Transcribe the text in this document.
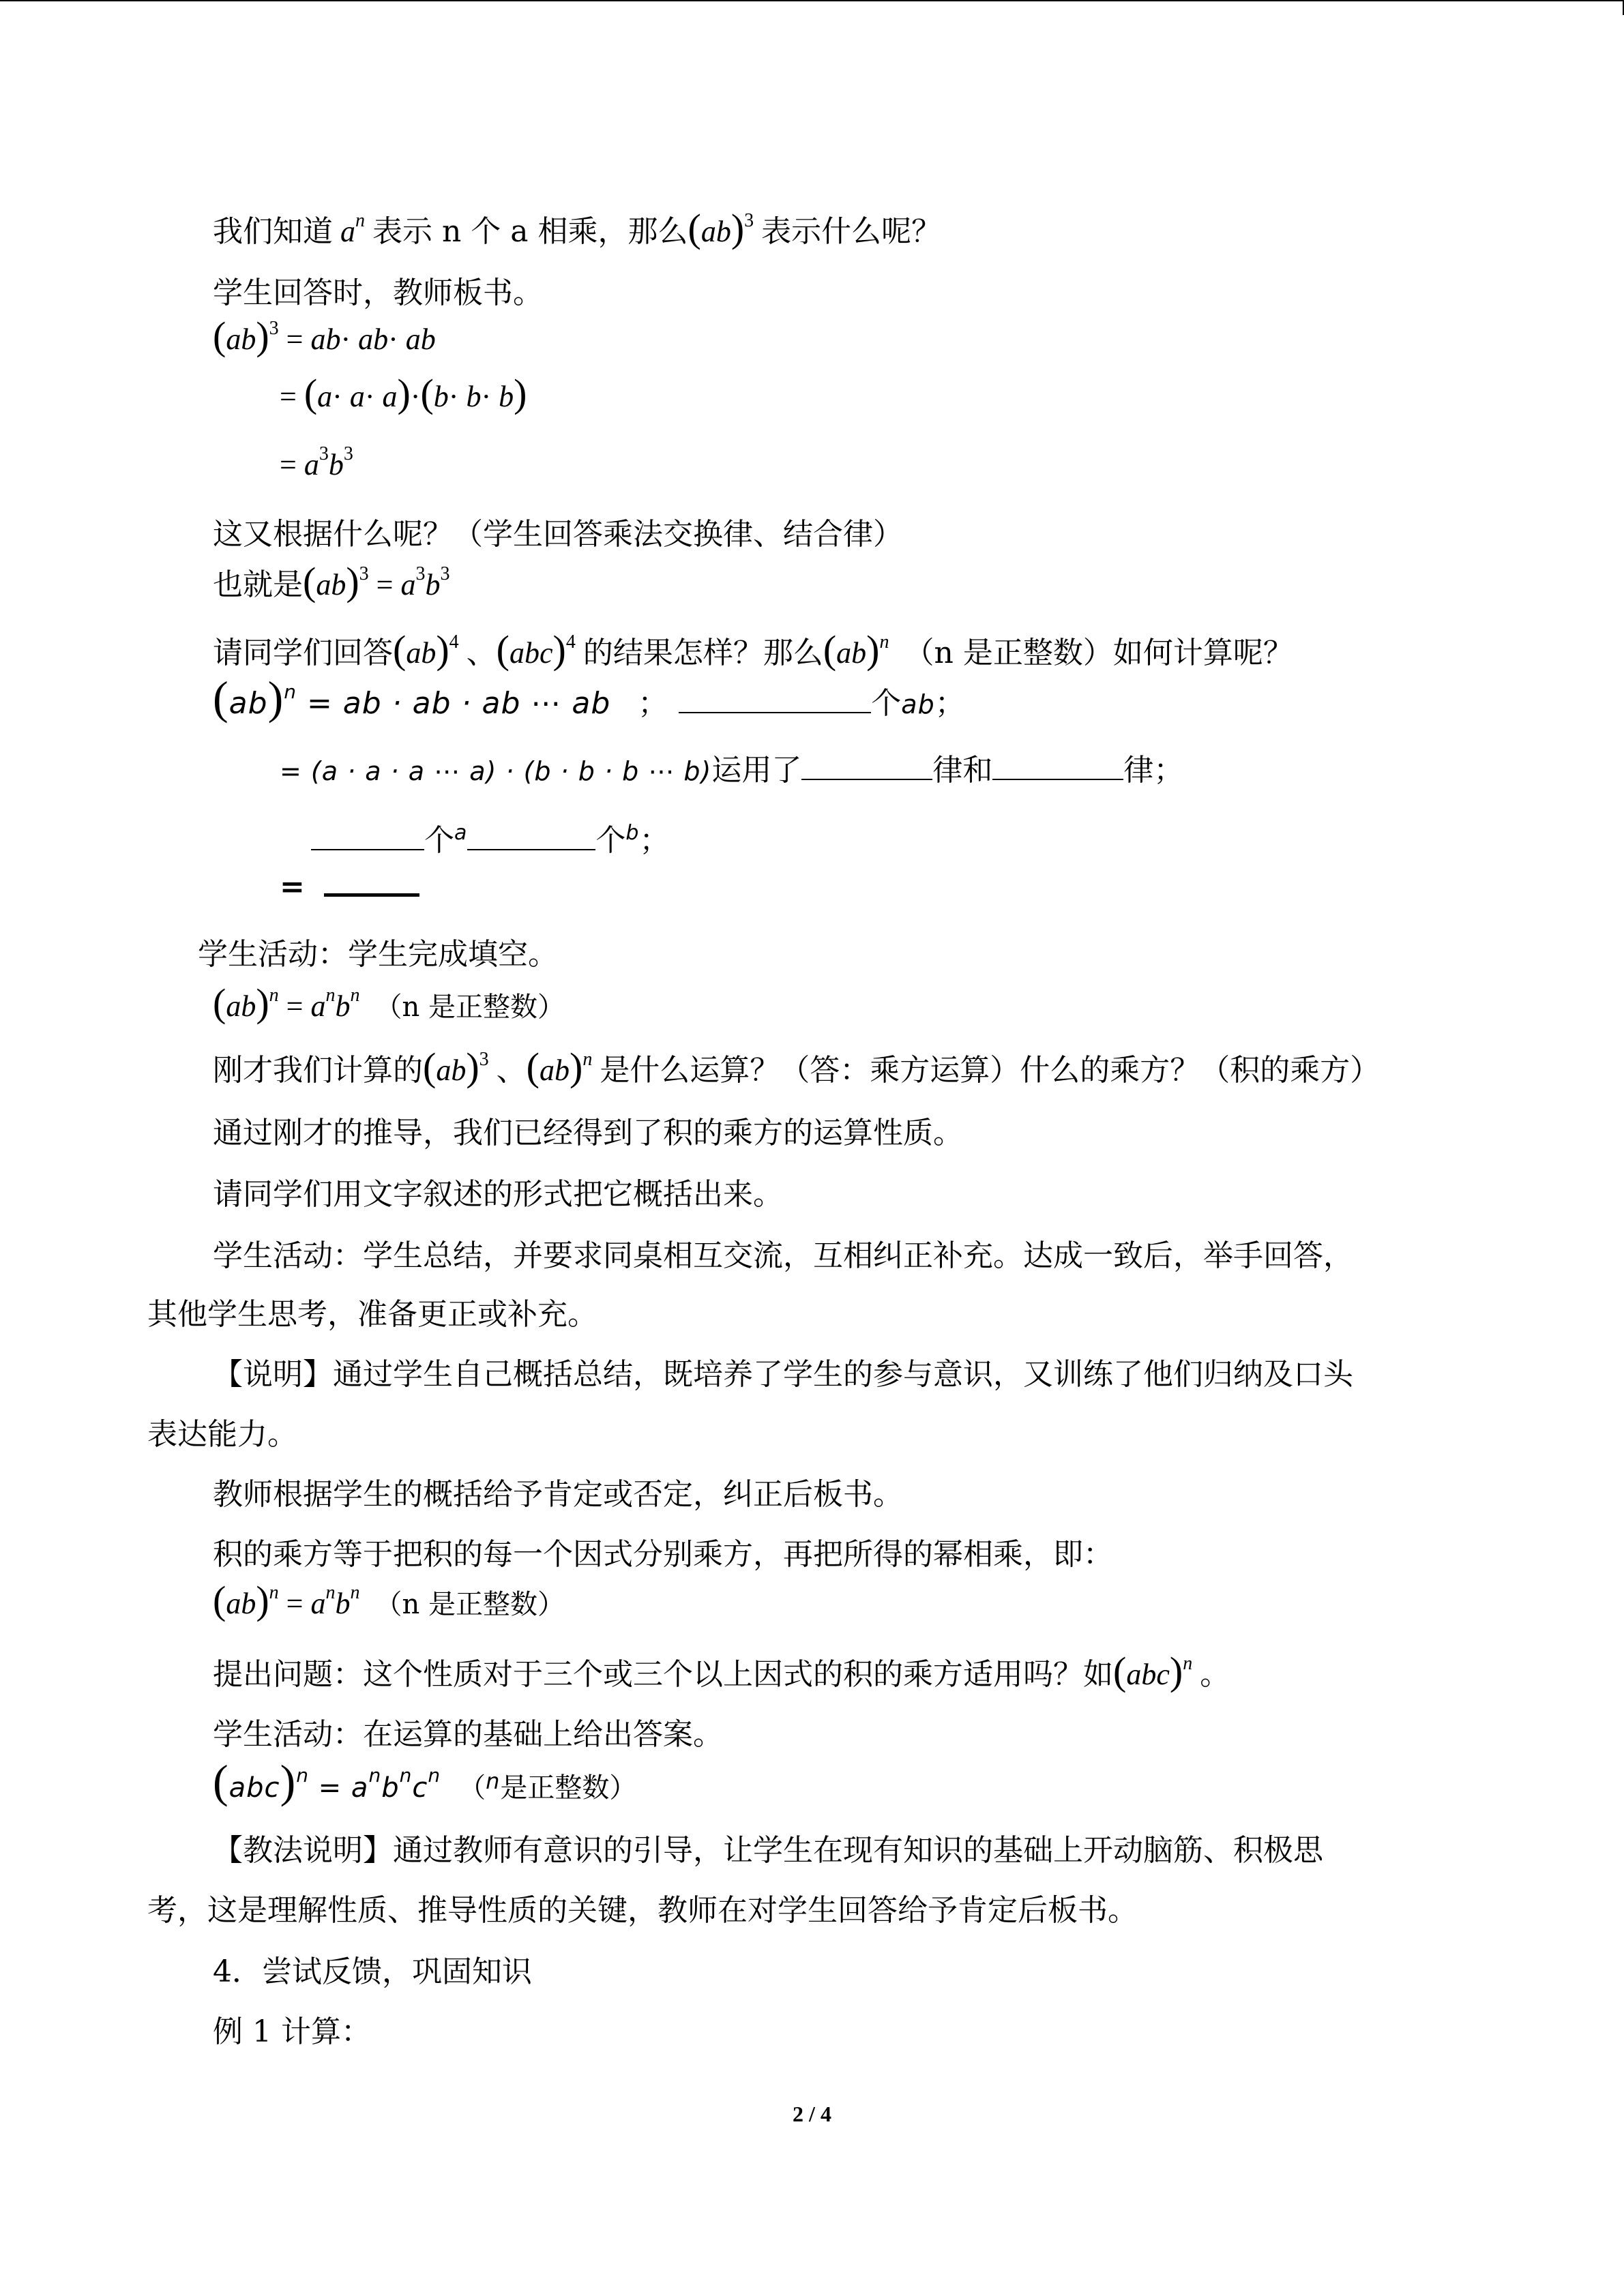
我们知道 $a^n$ 表示 n 个 a 相乘，那么(ab)$^3$ 表示什么呢？
学生回答时，教师板书。
(ab)$^3$ = ab· ab· ab
= (a· a· a)·(b· b· b)
= $a^3b^3$
这又根据什么呢？（学生回答乘法交换律、结合律）
也就是$(ab)^3 = a^3b^3$
请同学们回答(ab)$^4$ 、(abc)$^4$ 的结果怎样？那么(ab)$^n$ （n 是正整数）如何计算呢？
(ab)$^n$ = ab · ab · ab ⋯ ab ；	个ab；
= (a · a · a ⋯ a) · (b · b · b ⋯ b)运用了	律和	律；
个$^a$	个$^b$；
=
学生活动：学生完成填空。
$(ab)^n = a^nb^n$ （n 是正整数）
刚才我们计算的(ab)$^3$ 、(ab)$^n$ 是什么运算？（答：乘方运算）什么的乘方？（积的乘方）
通过刚才的推导，我们已经得到了积的乘方的运算性质。
请同学们用文字叙述的形式把它概括出来。
学生活动：学生总结，并要求同桌相互交流，互相纠正补充。达成一致后，举手回答，
其他学生思考，准备更正或补充。
【说明】通过学生自己概括总结，既培养了学生的参与意识，又训练了他们归纳及口头
表达能力。
教师根据学生的概括给予肯定或否定，纠正后板书。
积的乘方等于把积的每一个因式分别乘方，再把所得的幂相乘，即：
$(ab)^n = a^nb^n$ （n 是正整数）
提出问题：这个性质对于三个或三个以上因式的积的乘方适用吗？如(abc)$^n$ 。
学生活动：在运算的基础上给出答案。
$(abc)^n = a^nb^nc^n$ （$^n$是正整数）
【教法说明】通过教师有意识的引导，让学生在现有知识的基础上开动脑筋、积极思
考，这是理解性质、推导性质的关键，教师在对学生回答给予肯定后板书。
4．尝试反馈，巩固知识
例 1 计算：
2 / 4
